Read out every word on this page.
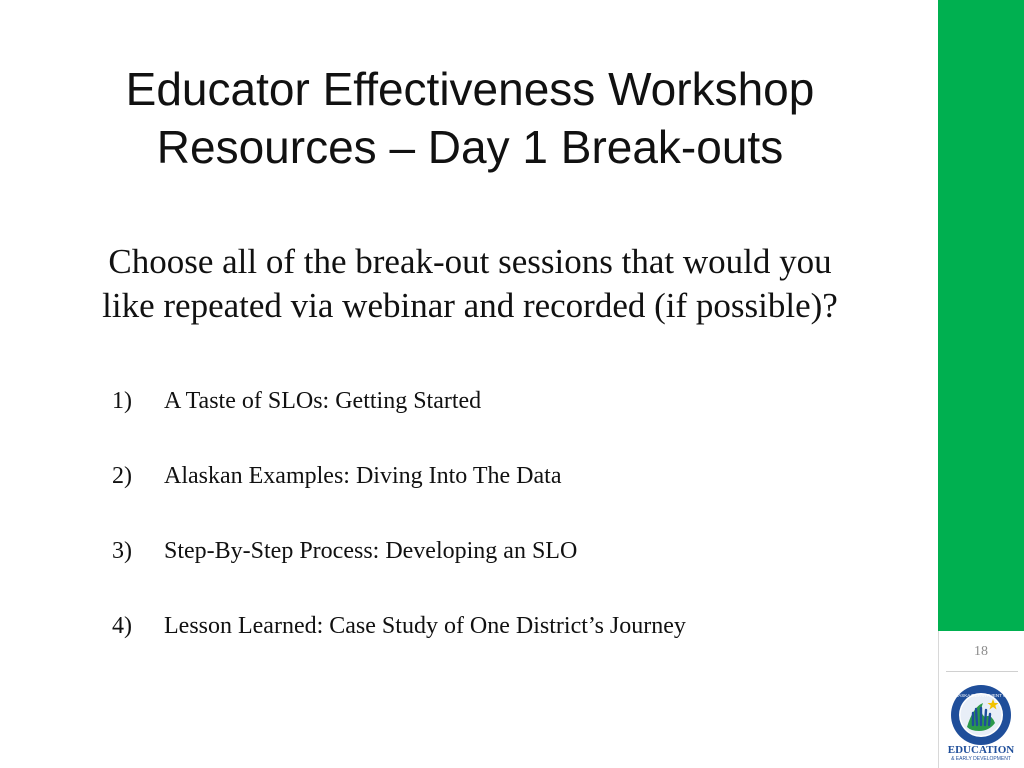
Educator Effectiveness Workshop
Resources – Day 1 Break-outs
Choose all of the break-out sessions that would you
like repeated via webinar and recorded (if possible)?
1)	A Taste of SLOs: Getting Started
2)	Alaskan Examples: Diving Into The Data
3)	Step-By-Step Process: Developing an SLO
4)	Lesson Learned: Case Study of One District’s Journey
18
ALASKA DEPARTMENT OF
EDUCATION
& EARLY DEVELOPMENT
